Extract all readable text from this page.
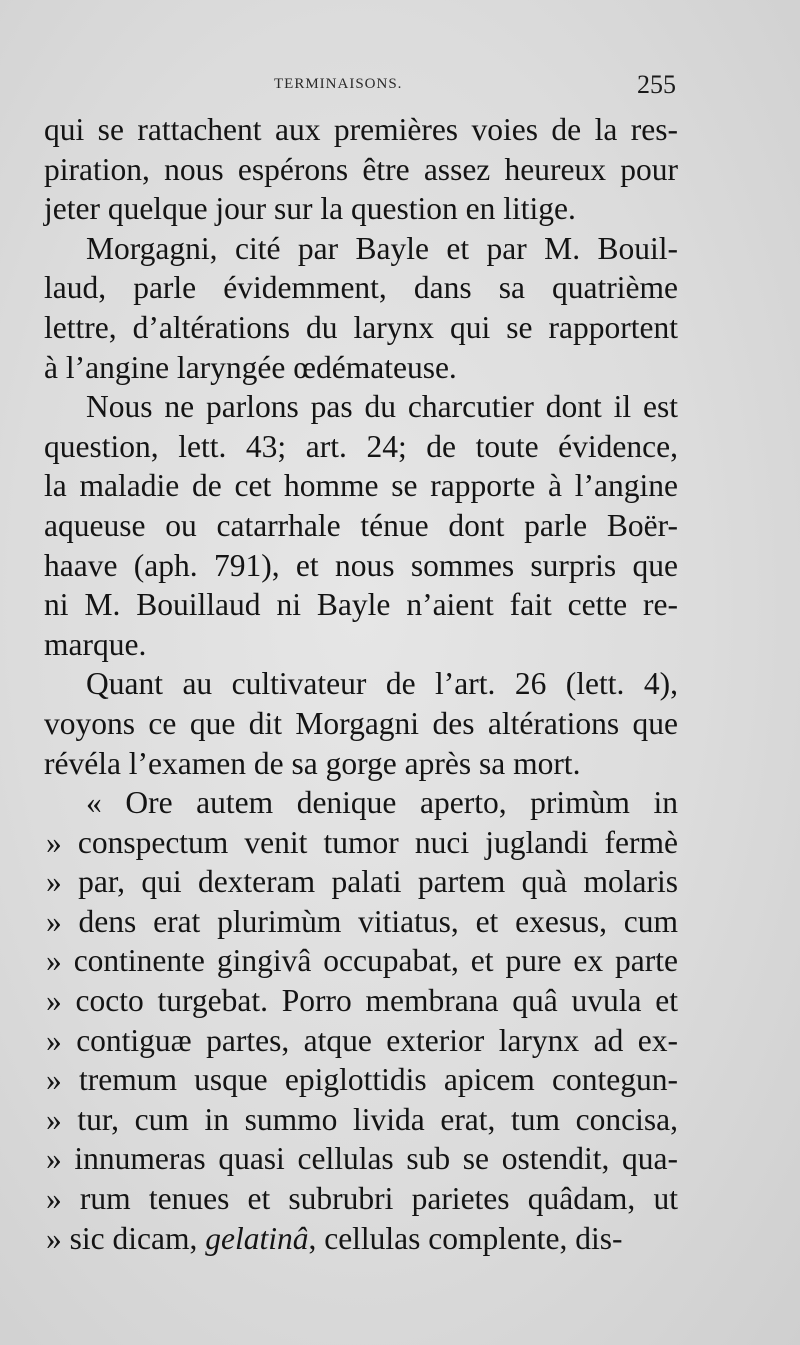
TERMINAISONS.	255
qui se rattachent aux premières voies de la res-
piration, nous espérons être assez heureux pour
jeter quelque jour sur la question en litige.
Morgagni, cité par Bayle et par M. Bouil-
laud, parle évidemment, dans sa quatrième
lettre, d’altérations du larynx qui se rapportent
à l’angine laryngée œdémateuse.
Nous ne parlons pas du charcutier dont il est
question, lett. 43; art. 24; de toute évidence,
la maladie de cet homme se rapporte à l’angine
aqueuse ou catarrhale ténue dont parle Boër-
haave (aph. 791), et nous sommes surpris que
ni M. Bouillaud ni Bayle n’aient fait cette re-
marque.
Quant au cultivateur de l’art. 26 (lett. 4),
voyons ce que dit Morgagni des altérations que
révéla l’examen de sa gorge après sa mort.
« Ore autem denique aperto, primùm in
» conspectum venit tumor nuci juglandi fermè
» par, qui dexteram palati partem quà molaris
» dens erat plurimùm vitiatus, et exesus, cum
» continente gingivâ occupabat, et pure ex parte
» cocto turgebat. Porro membrana quâ uvula et
» contiguæ partes, atque exterior larynx ad ex-
» tremum usque epiglottidis apicem contegun-
» tur, cum in summo livida erat, tum concisa,
» innumeras quasi cellulas sub se ostendit, qua-
» rum tenues et subrubri parietes quâdam, ut
» sic dicam, gelatinâ, cellulas complente, dis-
